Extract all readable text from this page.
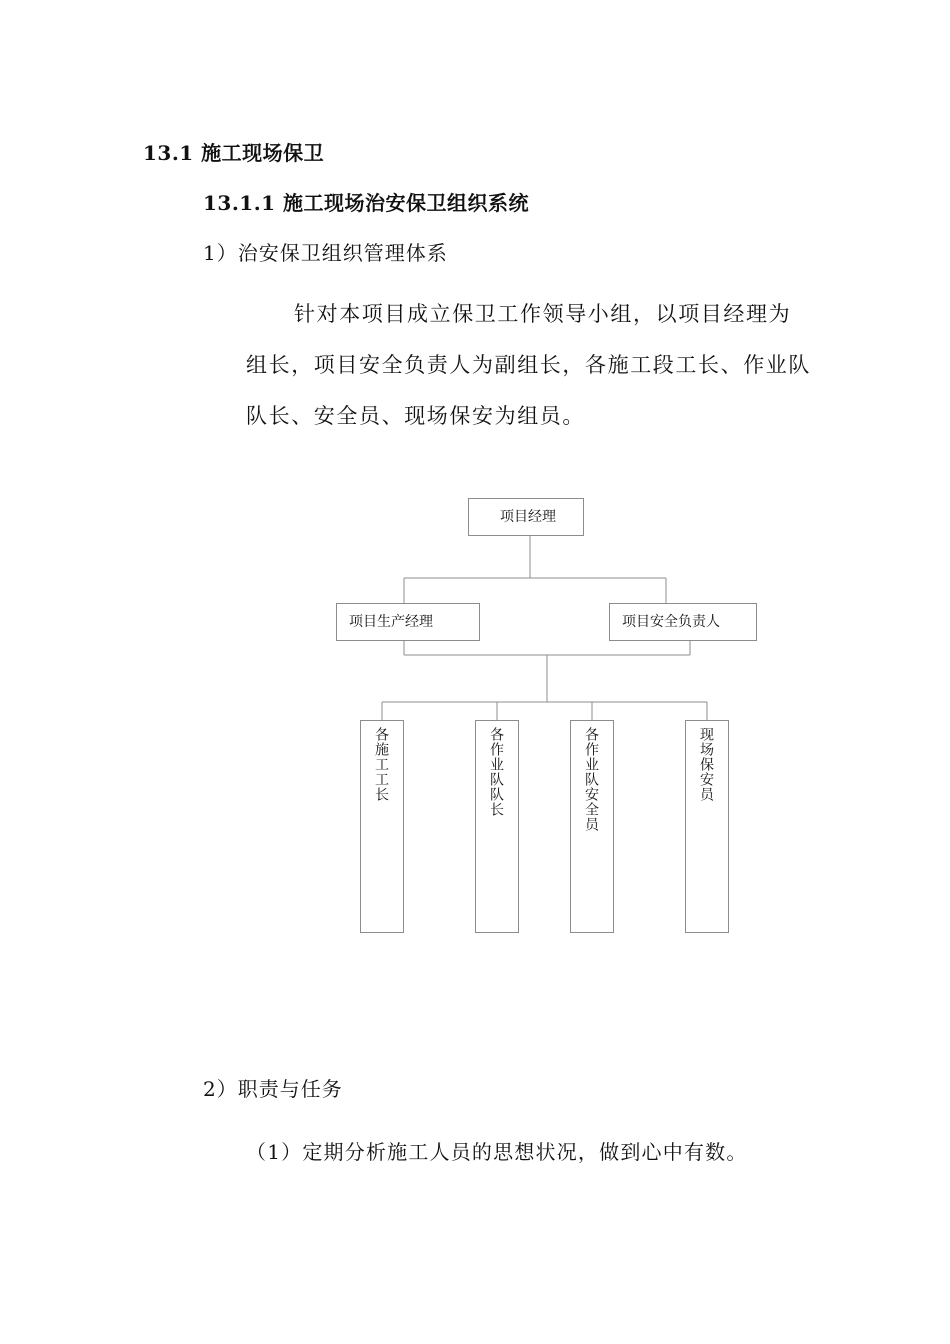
13.1 施工现场保卫
13.1.1 施工现场治安保卫组织系统
1）治安保卫组织管理体系
针对本项目成立保卫工作领导小组，以项目经理为
组长，项目安全负责人为副组长，各施工段工长、作业队
队长、安全员、现场保安为组员。
项目经理
项目生产经理	项目安全负责人
各施工工长	各作业队队长	各作业队安全员	现场保安员
2）职责与任务
（1）定期分析施工人员的思想状况，做到心中有数。
